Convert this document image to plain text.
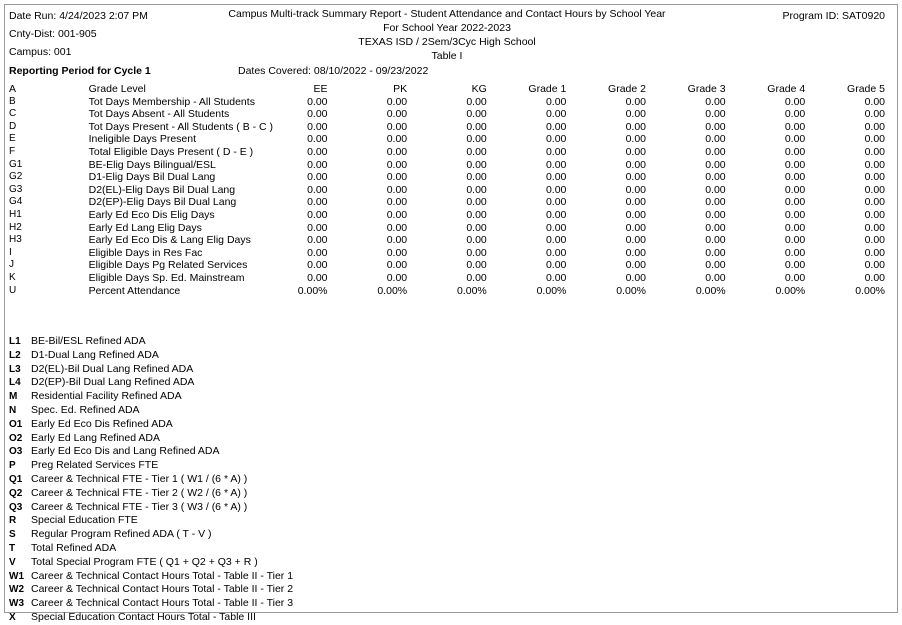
Date Run: 4/24/2023 2:07 PM
Cnty-Dist: 001-905
Campus: 001
Campus Multi-track Summary Report - Student Attendance and Contact Hours by School Year
For School Year 2022-2023
TEXAS ISD / 2Sem/3Cyc High School
Table I
Program ID: SAT0920
Reporting Period for Cycle 1	Dates Covered: 08/10/2022 - 09/23/2022
A	Grade Level		EE	PK	KG	Grade 1	Grade 2	Grade 3	Grade 4	Grade 5
B	Tot Days Membership - All Students		0.00	0.00	0.00	0.00	0.00	0.00	0.00	0.00
C	Tot Days Absent - All Students		0.00	0.00	0.00	0.00	0.00	0.00	0.00	0.00
D	Tot Days Present - All Students ( B - C )		0.00	0.00	0.00	0.00	0.00	0.00	0.00	0.00
E	Ineligible Days Present		0.00	0.00	0.00	0.00	0.00	0.00	0.00	0.00
F	Total Eligible Days Present ( D - E )		0.00	0.00	0.00	0.00	0.00	0.00	0.00	0.00
G1	BE-Elig Days Bilingual/ESL		0.00	0.00	0.00	0.00	0.00	0.00	0.00	0.00
G2	D1-Elig Days Bil Dual Lang		0.00	0.00	0.00	0.00	0.00	0.00	0.00	0.00
G3	D2(EL)-Elig Days Bil Dual Lang		0.00	0.00	0.00	0.00	0.00	0.00	0.00	0.00
G4	D2(EP)-Elig Days Bil Dual Lang		0.00	0.00	0.00	0.00	0.00	0.00	0.00	0.00
H1	Early Ed Eco Dis Elig Days		0.00	0.00	0.00	0.00	0.00	0.00	0.00	0.00
H2	Early Ed Lang Elig Days		0.00	0.00	0.00	0.00	0.00	0.00	0.00	0.00
H3	Early Ed Eco Dis & Lang Elig Days		0.00	0.00	0.00	0.00	0.00	0.00	0.00	0.00
I	Eligible Days in Res Fac		0.00	0.00	0.00	0.00	0.00	0.00	0.00	0.00
J	Eligible Days Pg Related Services		0.00	0.00	0.00	0.00	0.00	0.00	0.00	0.00
K	Eligible Days Sp. Ed. Mainstream		0.00	0.00	0.00	0.00	0.00	0.00	0.00	0.00
U	Percent Attendance		0.00%	0.00%	0.00%	0.00%	0.00%	0.00%	0.00%	0.00%
L1 BE-Bil/ESL Refined ADA
L2 D1-Dual Lang Refined ADA
L3 D2(EL)-Bil Dual Lang Refined ADA
L4 D2(EP)-Bil Dual Lang Refined ADA
M	Residential Facility Refined ADA
N	Spec. Ed. Refined ADA
O1 Early Ed Eco Dis Refined ADA
O2 Early Ed Lang Refined ADA
O3 Early Ed Eco Dis and Lang Refined ADA
P	Preg Related Services FTE
Q1 Career & Technical FTE - Tier 1 ( W1 / (6 * A) )
Q2 Career & Technical FTE - Tier 2 ( W2 / (6 * A) )
Q3 Career & Technical FTE - Tier 3 ( W3 / (6 * A) )
R	Special Education FTE
S	Regular Program Refined ADA ( T - V )
T	Total Refined ADA
V	Total Special Program FTE ( Q1 + Q2 + Q3 + R )
W1 Career & Technical Contact Hours Total - Table II - Tier 1
W2 Career & Technical Contact Hours Total - Table II - Tier 2
W3 Career & Technical Contact Hours Total - Table II - Tier 3
X	Special Education Contact Hours Total - Table III
